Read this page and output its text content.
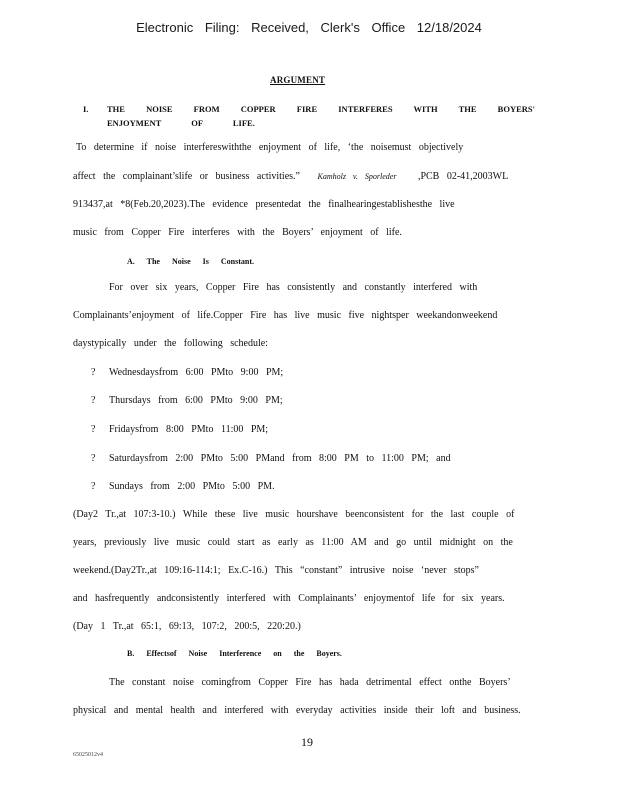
Electronic Filing: Received, Clerk's Office 12/18/2024
ARGUMENT
I. THE NOISE FROM COPPER FIRE INTERFERES WITH THE BOYERS'
ENJOYMENT OF LIFE.
To determine if noise interfereswiththe enjoyment of life, ‘the noisemust objectively
affect the complainant’slife or business activities.” Kamholz v. Sporleder ,PCB 02-41,2003WL
913437,at *8(Feb.20,2023).The evidence presentedat the finalhearingestablishesthe live
music from Copper Fire interferes with the Boyers’ enjoyment of life.
A. The Noise Is Constant.
For over six years, Copper Fire has consistently and constantly interfered with
Complainants’enjoyment of life.Copper Fire has live music five nightsper weekandonweekend
daystypically under the following schedule:
? Wednesdaysfrom 6:00 PMto 9:00 PM;
? Thursdays from 6:00 PMto 9:00 PM;
? Fridaysfrom 8:00 PMto 11:00 PM;
? Saturdaysfrom 2:00 PMto 5:00 PMand from 8:00 PM to 11:00 PM; and
? Sundays from 2:00 PMto 5:00 PM.
(Day2 Tr.,at 107:3-10.) While these live music hourshave beenconsistent for the last couple of
years, previously live music could start as early as 11:00 AM and go until midnight on the
weekend.(Day2Tr.,at 109:16-114:1; Ex.C-16.) This “constant” intrusive noise ‘never stops”
and hasfrequently andconsistently interfered with Complainants’ enjoymentof life for six years.
(Day 1 Tr.,at 65:1, 69:13, 107:2, 200:5, 220:20.)
B. Effectsof Noise Interference on the Boyers.
The constant noise comingfrom Copper Fire has hada detrimental effect onthe Boyers’
physical and mental health and interfered with everyday activities inside their loft and business.
19
65025012v4
